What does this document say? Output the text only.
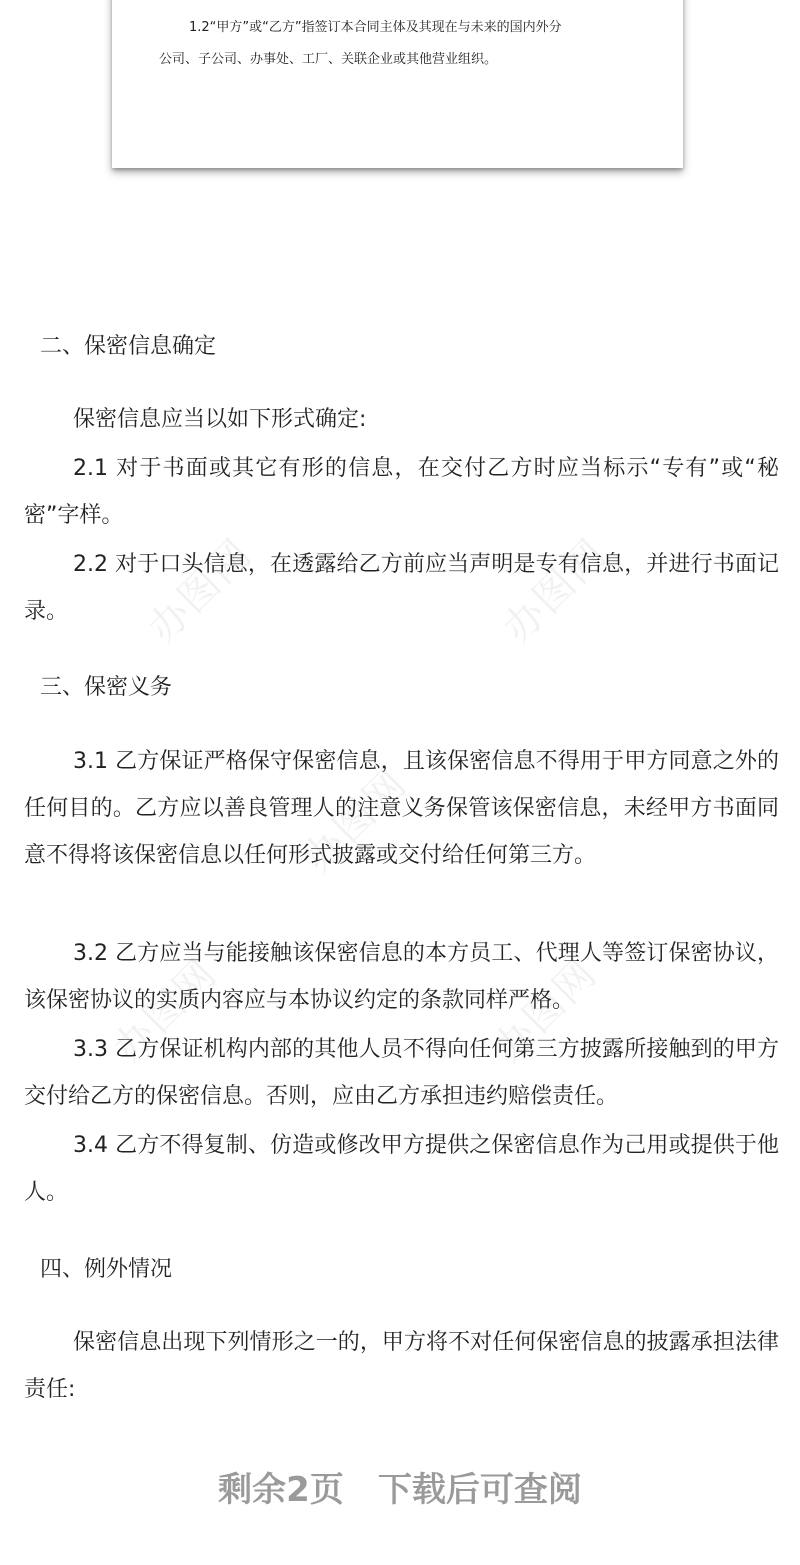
1.2“甲方”或“乙方”指签订本合同主体及其现在与未来的国内外分
公司、子公司、办事处、工厂、关联企业或其他营业组织。

办图网	办图网
办图网
办图网	办图网
二、保密信息确定

保密信息应当以如下形式确定:

2.1 对于书面或其它有形的信息，在交付乙方时应当标示“专有”或“秘密”字样。

2.2 对于口头信息，在透露给乙方前应当声明是专有信息，并进行书面记录。

三、保密义务

3.1 乙方保证严格保守保密信息，且该保密信息不得用于甲方同意之外的任何目的。乙方应以善良管理人的注意义务保管该保密信息，未经甲方书面同意不得将该保密信息以任何形式披露或交付给任何第三方。

3.2 乙方应当与能接触该保密信息的本方员工、代理人等签订保密协议，该保密协议的实质内容应与本协议约定的条款同样严格。

3.3 乙方保证机构内部的其他人员不得向任何第三方披露所接触到的甲方交付给乙方的保密信息。否则，应由乙方承担违约赔偿责任。

3.4 乙方不得复制、仿造或修改甲方提供之保密信息作为己用或提供于他人。

四、例外情况

保密信息出现下列情形之一的，甲方将不对任何保密信息的披露承担法律责任:

剩余2页　下载后可查阅
